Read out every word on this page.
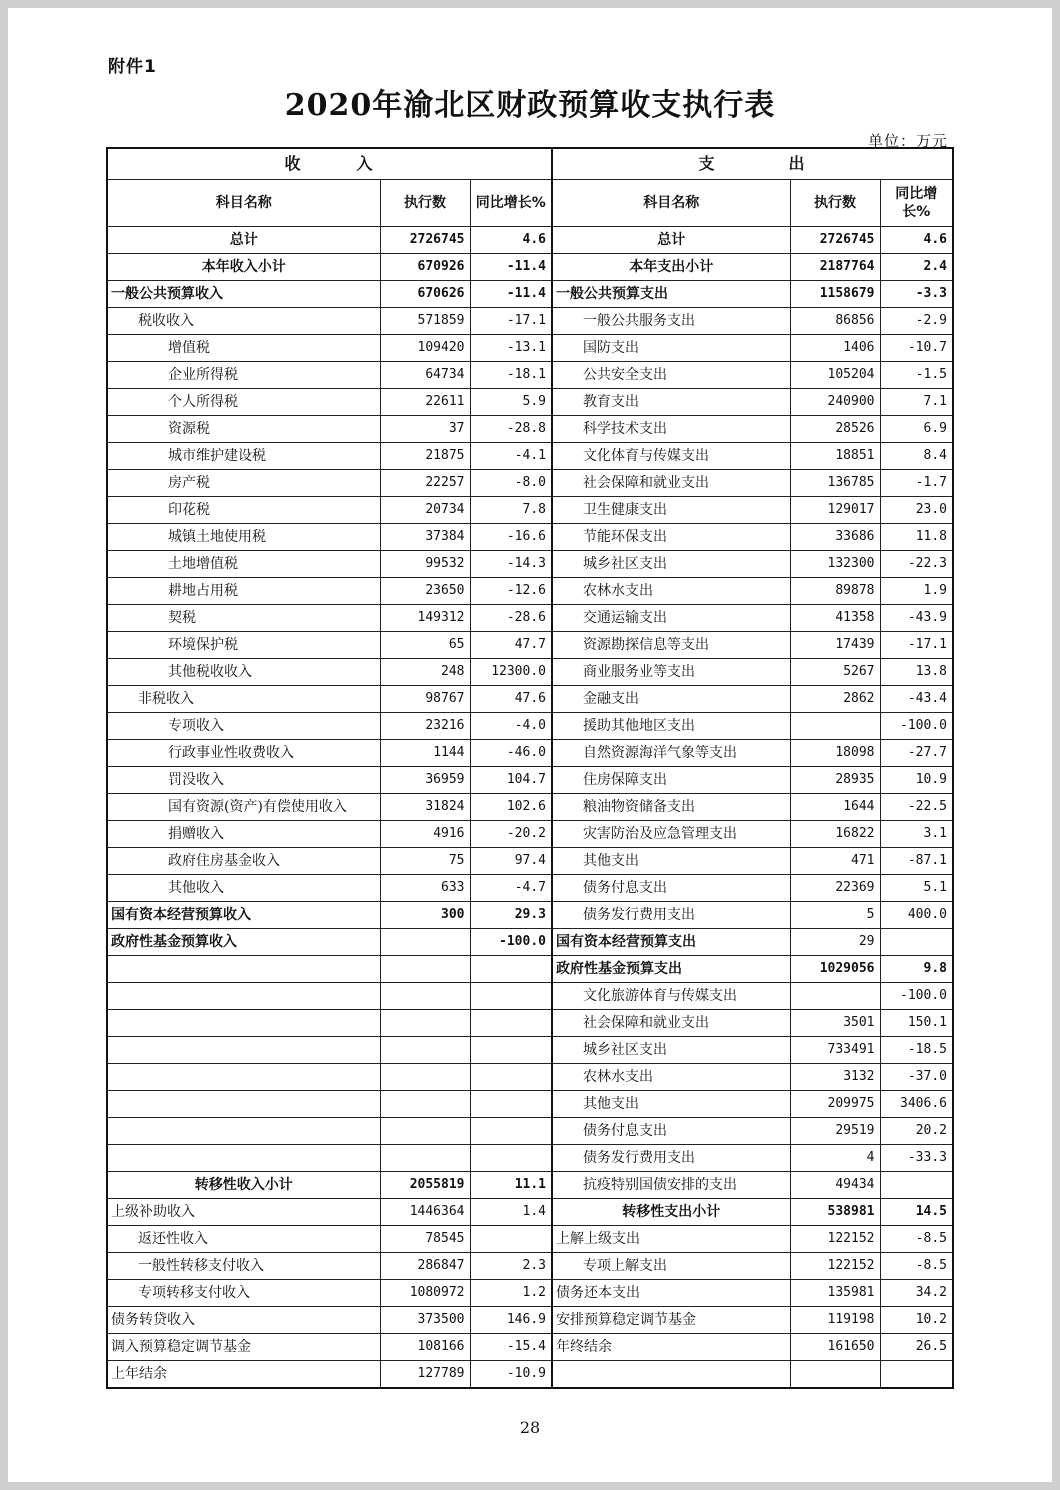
附件1
2020年渝北区财政预算收支执行表
单位：万元
收　　　入			支　　　　出		
科目名称	执行数	同比增长%	科目名称	执行数	同比增长%
总计	2726745	4.6	总计	2726745	4.6
本年收入小计	670926	-11.4	本年支出小计	2187764	2.4
一般公共预算收入	670626	-11.4	一般公共预算支出	1158679	-3.3
税收收入	571859	-17.1	一般公共服务支出	86856	-2.9
增值税	109420	-13.1	国防支出	1406	-10.7
企业所得税	64734	-18.1	公共安全支出	105204	-1.5
个人所得税	22611	5.9	教育支出	240900	7.1
资源税	37	-28.8	科学技术支出	28526	6.9
城市维护建设税	21875	-4.1	文化体育与传媒支出	18851	8.4
房产税	22257	-8.0	社会保障和就业支出	136785	-1.7
印花税	20734	7.8	卫生健康支出	129017	23.0
城镇土地使用税	37384	-16.6	节能环保支出	33686	11.8
土地增值税	99532	-14.3	城乡社区支出	132300	-22.3
耕地占用税	23650	-12.6	农林水支出	89878	1.9
契税	149312	-28.6	交通运输支出	41358	-43.9
环境保护税	65	47.7	资源勘探信息等支出	17439	-17.1
其他税收收入	248	12300.0	商业服务业等支出	5267	13.8
非税收入	98767	47.6	金融支出	2862	-43.4
专项收入	23216	-4.0	援助其他地区支出		-100.0
行政事业性收费收入	1144	-46.0	自然资源海洋气象等支出	18098	-27.7
罚没收入	36959	104.7	住房保障支出	28935	10.9
国有资源(资产)有偿使用收入	31824	102.6	粮油物资储备支出	1644	-22.5
捐赠收入	4916	-20.2	灾害防治及应急管理支出	16822	3.1
政府住房基金收入	75	97.4	其他支出	471	-87.1
其他收入	633	-4.7	债务付息支出	22369	5.1
国有资本经营预算收入	300	29.3	债务发行费用支出	5	400.0
政府性基金预算收入		-100.0	国有资本经营预算支出	29	
			政府性基金预算支出	1029056	9.8
			文化旅游体育与传媒支出		-100.0
			社会保障和就业支出	3501	150.1
			城乡社区支出	733491	-18.5
			农林水支出	3132	-37.0
			其他支出	209975	3406.6
			债务付息支出	29519	20.2
			债务发行费用支出	4	-33.3
转移性收入小计	2055819	11.1	抗疫特别国债安排的支出	49434	
上级补助收入	1446364	1.4	转移性支出小计	538981	14.5
返还性收入	78545		上解上级支出	122152	-8.5
一般性转移支付收入	286847	2.3	专项上解支出	122152	-8.5
专项转移支付收入	1080972	1.2	债务还本支出	135981	34.2
债务转贷收入	373500	146.9	安排预算稳定调节基金	119198	10.2
调入预算稳定调节基金	108166	-15.4	年终结余	161650	26.5
上年结余	127789	-10.9			
28
